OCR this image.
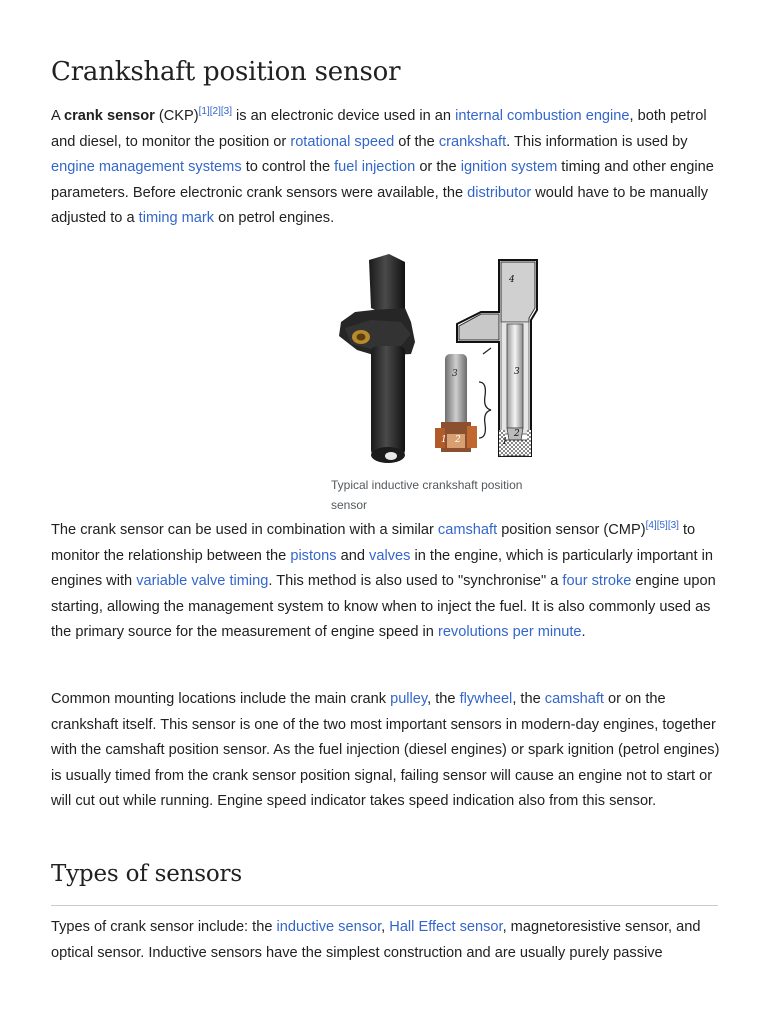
Crankshaft position sensor

A crank sensor (CKP)[1][2][3] is an electronic device used in an internal combustion engine, both petrol and diesel, to monitor the position or rotational speed of the crankshaft. This information is used by engine management systems to control the fuel injection or the ignition system timing and other engine parameters. Before electronic crank sensors were available, the distributor would have to be manually adjusted to a timing mark on petrol engines.

3
1 2
4
3
2
1
Typical inductive crankshaft position sensor

The crank sensor can be used in combination with a similar camshaft position sensor (CMP)[4][5][3] to monitor the relationship between the pistons and valves in the engine, which is particularly important in engines with variable valve timing. This method is also used to "synchronise" a four stroke engine upon starting, allowing the management system to know when to inject the fuel. It is also commonly used as the primary source for the measurement of engine speed in revolutions per minute.

Common mounting locations include the main crank pulley, the flywheel, the camshaft or on the crankshaft itself. This sensor is one of the two most important sensors in modern-day engines, together with the camshaft position sensor. As the fuel injection (diesel engines) or spark ignition (petrol engines) is usually timed from the crank sensor position signal, failing sensor will cause an engine not to start or will cut out while running. Engine speed indicator takes speed indication also from this sensor.

Types of sensors

Types of crank sensor include: the inductive sensor, Hall Effect sensor, magnetoresistive sensor, and optical sensor. Inductive sensors have the simplest construction and are usually purely passive
